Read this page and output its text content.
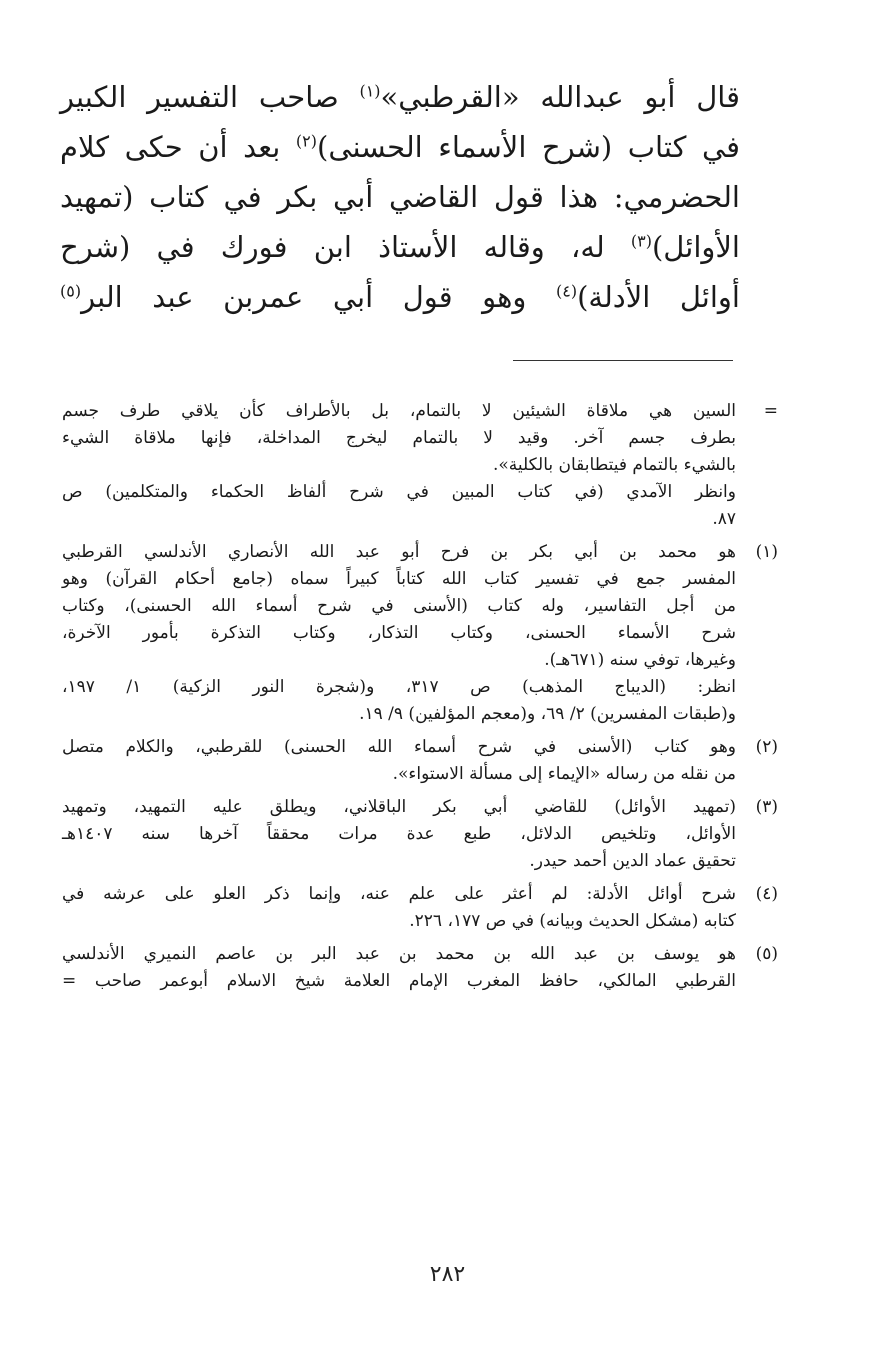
قال أبو عبدالله «القرطبي»$^{(١)}$ صاحب التفسير الكبير
في كتاب (شرح الأسماء الحسنى)$^{(٢)}$ بعد أن حكى كلام
الحضرمي: هذا قول القاضي أبي بكر في كتاب (تمهيد
الأوائل)$^{(٣)}$ له، وقاله الأستاذ ابن فورك في (شرح
أوائل الأدلة)$^{(٤)}$ وهو قول أبي عمربن عبد البر$^{(٥)}$
=
السين هي ملاقاة الشيئين لا بالتمام، بل بالأطراف كأن يلاقي طرف جسم
بطرف جسم آخر. وقيد لا بالتمام ليخرج المداخلة، فإنها ملاقاة الشيء
بالشيء بالتمام فيتطابقان بالكلية».
وانظر الآمدي (في كتاب المبين في شرح ألفاظ الحكماء والمتكلمين) ص
٨٧.
(١)
هو محمد بن أبي بكر بن فرح أبو عبد الله الأنصاري الأندلسي القرطبي
المفسر جمع في تفسير كتاب الله كتاباً كبيراً سماه (جامع أحكام القرآن) وهو
من أجل التفاسير، وله كتاب (الأسنى في شرح أسماء الله الحسنى)، وكتاب
شرح الأسماء الحسنى، وكتاب التذكار، وكتاب التذكرة بأمور الآخرة،
وغيرها، توفي سنه (٦٧١هـ).
انظر: (الديباج المذهب) ص ٣١٧، و(شجرة النور الزكية) ١/ ١٩٧،
و(طبقات المفسرين) ٢/ ٦٩، و(معجم المؤلفين) ٩/ ١٩.
(٢)
وهو كتاب (الأسنى في شرح أسماء الله الحسنى) للقرطبي، والكلام متصل
من نقله من رساله «الإيماء إلى مسألة الاستواء».
(٣)
(تمهيد الأوائل) للقاضي أبي بكر الباقلاني، ويطلق عليه التمهيد، وتمهيد
الأوائل، وتلخيص الدلائل، طبع عدة مرات محققاً آخرها سنه ١٤٠٧هـ
تحقيق عماد الدين أحمد حيدر.
(٤)
شرح أوائل الأدلة: لم أعثر على علم عنه، وإنما ذكر العلو على عرشه في
كتابه (مشكل الحديث وبيانه) في ص ١٧٧، ٢٢٦.
(٥)
هو يوسف بن عبد الله بن محمد بن عبد البر بن عاصم النميري الأندلسي
القرطبي المالكي، حافظ المغرب الإمام العلامة شيخ الاسلام أبوعمر صاحب =
٢٨٢
